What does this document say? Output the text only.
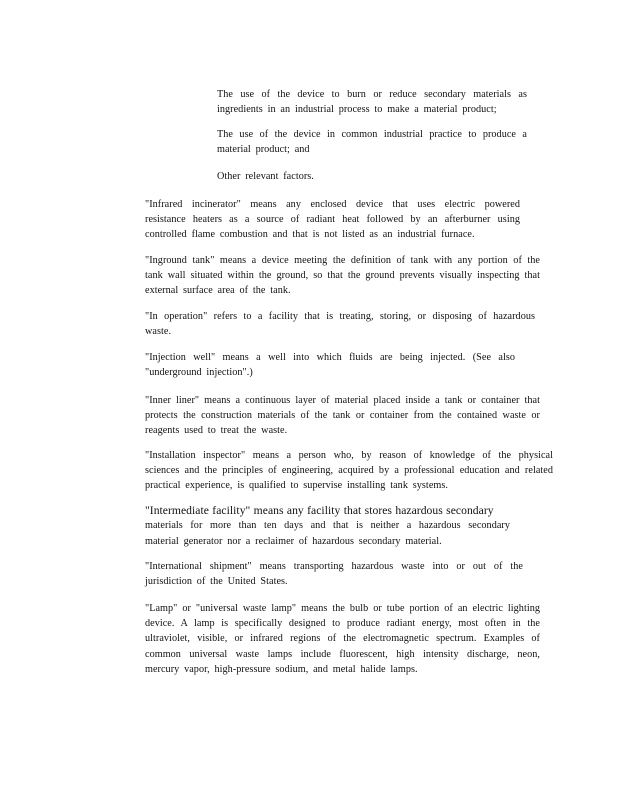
The use of the device to burn or reduce secondary materials as ingredients in an industrial process to make a material product;

The use of the device in common industrial practice to produce a material product; and

Other relevant factors.

"Infrared incinerator" means any enclosed device that uses electric powered resistance heaters as a source of radiant heat followed by an afterburner using controlled flame combustion and that is not listed as an industrial furnace.

"Inground tank" means a device meeting the definition of tank with any portion of the tank wall situated within the ground, so that the ground prevents visually inspecting that external surface area of the tank.

"In operation" refers to a facility that is treating, storing, or disposing of hazardous waste.

"Injection well" means a well into which fluids are being injected. (See also "underground injection".)

"Inner liner" means a continuous layer of material placed inside a tank or container that protects the construction materials of the tank or container from the contained waste or reagents used to treat the waste.

"Installation inspector" means a person who, by reason of knowledge of the physical sciences and the principles of engineering, acquired by a professional education and related practical experience, is qualified to supervise installing tank systems.

"Intermediate facility" means any facility that stores hazardous secondary

materials for more than ten days and that is neither a hazardous secondary material generator nor a reclaimer of hazardous secondary material.

"International shipment" means transporting hazardous waste into or out of the jurisdiction of the United States.

"Lamp" or "universal waste lamp" means the bulb or tube portion of an electric lighting device. A lamp is specifically designed to produce radiant energy, most often in the ultraviolet, visible, or infrared regions of the electromagnetic spectrum. Examples of common universal waste lamps include fluorescent, high intensity discharge, neon, mercury vapor, high-pressure sodium, and metal halide lamps.
